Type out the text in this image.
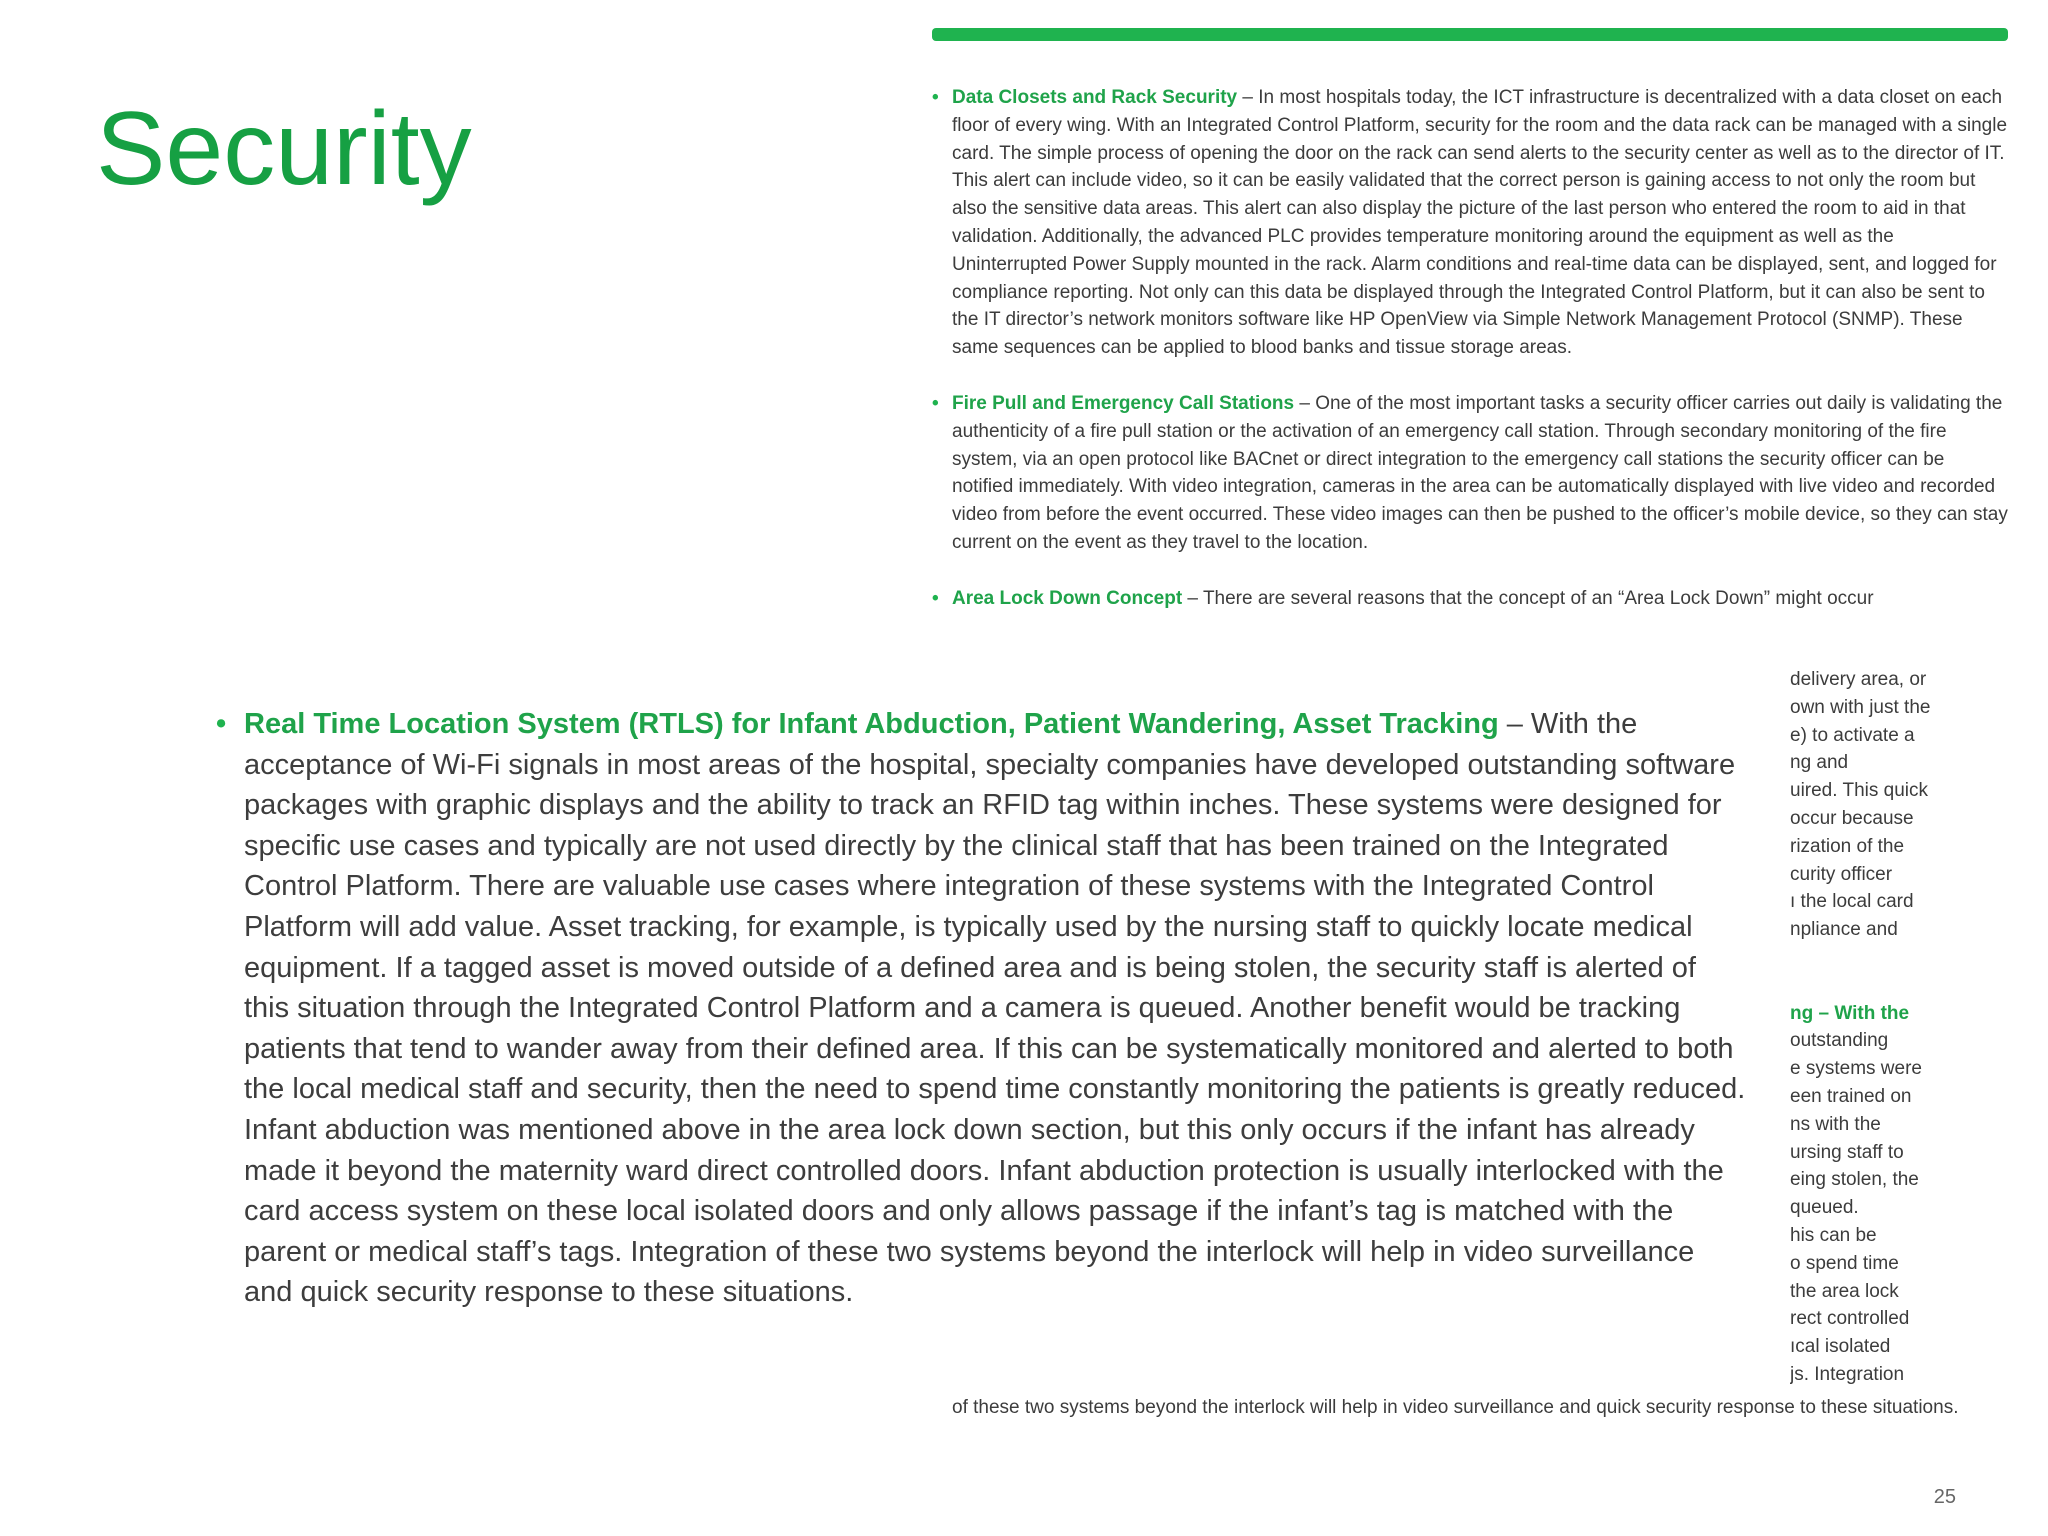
Security

•	Data Closets and Rack Security – In most hospitals today, the ICT infrastructure is decentralized with a data closet on each floor of every wing. With an Integrated Control Platform, security for the room and the data rack can be managed with a single card. The simple process of opening the door on the rack can send alerts to the security center as well as to the director of IT. This alert can include video, so it can be easily validated that the correct person is gaining access to not only the room but also the sensitive data areas. This alert can also display the picture of the last person who entered the room to aid in that validation. Additionally, the advanced PLC provides temperature monitoring around the equipment as well as the Uninterrupted Power Supply mounted in the rack. Alarm conditions and real-time data can be displayed, sent, and logged for compliance reporting. Not only can this data be displayed through the Integrated Control Platform, but it can also be sent to the IT director’s network monitors software like HP OpenView via Simple Network Management Protocol (SNMP). These same sequences can be applied to blood banks and tissue storage areas.

• Fire Pull and Emergency Call Stations – One of the most important tasks a security officer carries out daily is validating the authenticity of a fire pull station or the activation of an emergency call station. Through secondary monitoring of the fire system, via an open protocol like BACnet or direct integration to the emergency call stations the security officer can be notified immediately. With video integration, cameras in the area can be automatically displayed with live video and recorded video from before the event occurred. These video images can then be pushed to the officer’s mobile device, so they can stay current on the event as they travel to the location.

• Area Lock Down Concept – There are several reasons that the concept of an “Area Lock Down” might occur

delivery area, or
own with just the
e) to activate a
ng and
uired. This quick
occur because
rization of the
curity officer
ı the local card
npliance and

ng – With the
outstanding
e systems were
een trained on
ns with the
ursing staff to
eing stolen, the
queued.
his can be
o spend time
the area lock
rect controlled
ıcal isolated
js. Integration
of these two systems beyond the interlock will help in video surveillance and quick security response to these situations.

• Real Time Location System (RTLS) for Infant Abduction, Patient Wandering, Asset Tracking – With the acceptance of Wi-Fi signals in most areas of the hospital, specialty companies have developed outstanding software packages with graphic displays and the ability to track an RFID tag within inches. These systems were designed for specific use cases and typically are not used directly by the clinical staff that has been trained on the Integrated Control Platform. There are valuable use cases where integration of these systems with the Integrated Control Platform will add value. Asset tracking, for example, is typically used by the nursing staff to quickly locate medical equipment. If a tagged asset is moved outside of a defined area and is being stolen, the security staff is alerted of this situation through the Integrated Control Platform and a camera is queued. Another benefit would be tracking patients that tend to wander away from their defined area. If this can be systematically monitored and alerted to both the local medical staff and security, then the need to spend time constantly monitoring the patients is greatly reduced. Infant abduction was mentioned above in the area lock down section, but this only occurs if the infant has already made it beyond the maternity ward direct controlled doors. Infant abduction protection is usually interlocked with the card access system on these local isolated doors and only allows passage if the infant’s tag is matched with the parent or medical staff’s tags. Integration of these two systems beyond the interlock will help in video surveillance and quick security response to these situations.

25
